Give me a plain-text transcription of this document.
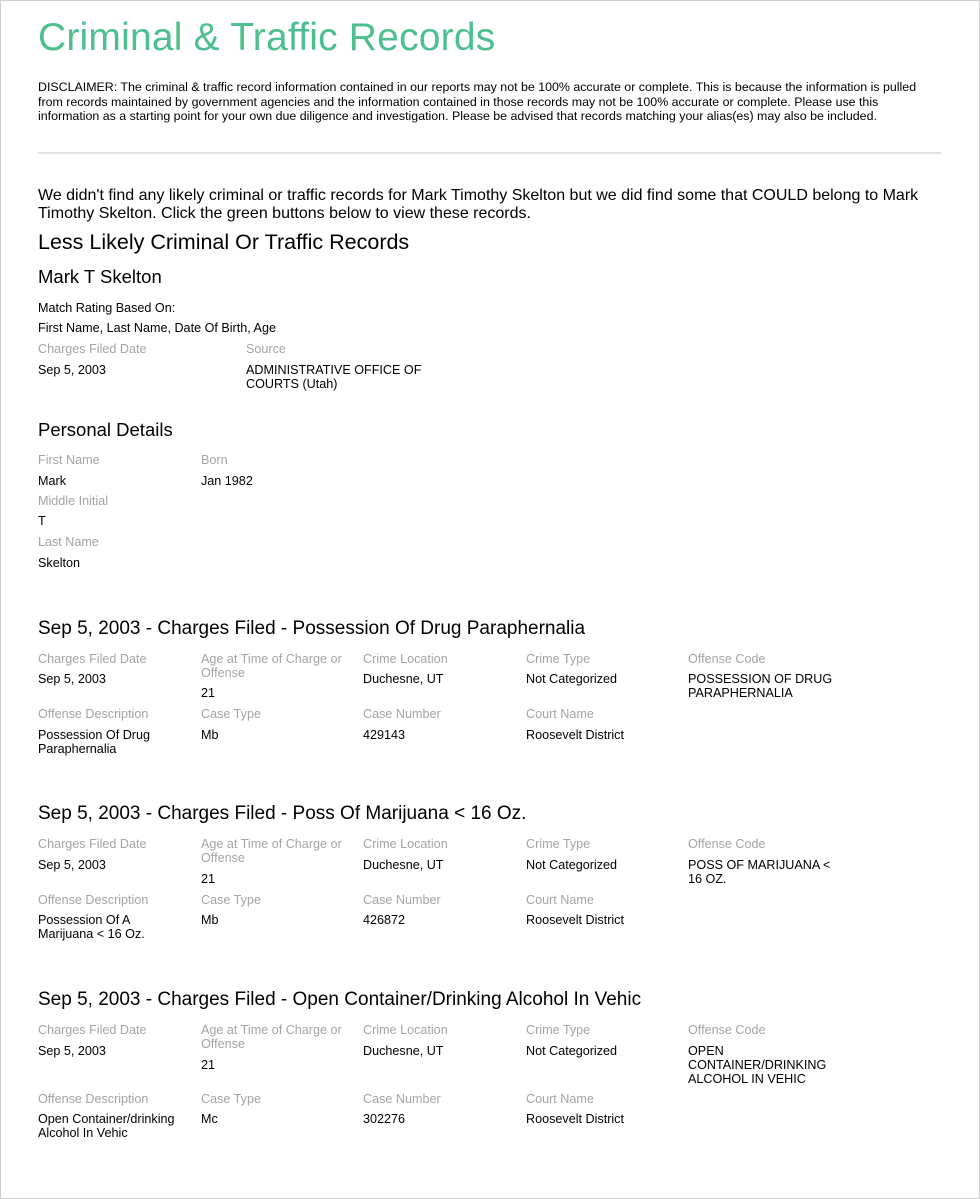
Criminal & Traffic Records
DISCLAIMER: The criminal & traffic record information contained in our reports may not be 100% accurate or complete. This is because the information is pulled from records maintained by government agencies and the information contained in those records may not be 100% accurate or complete. Please use this information as a starting point for your own due diligence and investigation. Please be advised that records matching your alias(es) may also be included.
We didn't find any likely criminal or traffic records for Mark Timothy Skelton but we did find some that COULD belong to Mark Timothy Skelton. Click the green buttons below to view these records.
Less Likely Criminal Or Traffic Records
Mark T Skelton
Match Rating Based On:
First Name, Last Name, Date Of Birth, Age
Charges Filed Date
Sep 5, 2003
Source
ADMINISTRATIVE OFFICE OF COURTS (Utah)
Personal Details
First Name
Mark
Middle Initial
T
Last Name
Skelton
Born
Jan 1982
Sep 5, 2003 - Charges Filed - Possession Of Drug Paraphernalia
Charges Filed Date
Sep 5, 2003
Age at Time of Charge or Offense
21
Crime Location
Duchesne, UT
Crime Type
Not Categorized
Offense Code
POSSESSION OF DRUG PARAPHERNALIA
Offense Description
Possession Of Drug Paraphernalia
Case Type
Mb
Case Number
429143
Court Name
Roosevelt District
Sep 5, 2003 - Charges Filed - Poss Of Marijuana < 16 Oz.
Charges Filed Date
Sep 5, 2003
Age at Time of Charge or Offense
21
Crime Location
Duchesne, UT
Crime Type
Not Categorized
Offense Code
POSS OF MARIJUANA < 16 OZ.
Offense Description
Possession Of A Marijuana < 16 Oz.
Case Type
Mb
Case Number
426872
Court Name
Roosevelt District
Sep 5, 2003 - Charges Filed - Open Container/Drinking Alcohol In Vehic
Charges Filed Date
Sep 5, 2003
Age at Time of Charge or Offense
21
Crime Location
Duchesne, UT
Crime Type
Not Categorized
Offense Code
OPEN CONTAINER/DRINKING ALCOHOL IN VEHIC
Offense Description
Open Container/drinking Alcohol In Vehic
Case Type
Mc
Case Number
302276
Court Name
Roosevelt District
